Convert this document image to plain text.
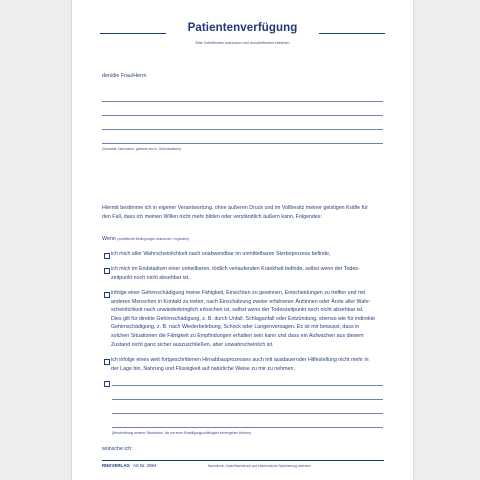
Patientenverfügung
Bitte Zutreffendes ankreuzen und Unzutreffendes streichen
den/die Frau/Herrn
(Vorname, Nachname, geboren am in, Geburtsdatum)
Hiermit bestimme ich in eigener Verantwortung, ohne äußeren Druck und im Vollbesitz meiner geistigen Kräfte für
den Fall, dass ich meinen Willen nicht mehr bilden oder verständlich äußern kann, Folgendes:
Wenn (zutreffende Bedingungen ankreuzen / ergänzen)
ich mich aller Wahrscheinlichkeit nach unabwendbar im unmittelbaren Sterbeprozess befinde,
ich mich im Endstadium einer unheilbaren, tödlich verlaufenden Krankheit befinde, selbst wenn der Todes-
zeitpunkt noch nicht absehbar ist.
infolge einer Gehirnschädigung meine Fähigkeit, Einsichten zu gewinnen, Entscheidungen zu treffen und mit
anderen Menschen in Kontakt zu treten, nach Einschätzung zweier erfahrener Ärztinnen oder Ärzte aller Wahr-
scheinlichkeit nach unwiederbringlich erloschen ist, selbst wenn der Todeszeitpunkt noch nicht absehbar ist.
Dies gilt für direkte Gehirnschädigung, z. B. durch Unfall, Schlaganfall oder Entzündung, ebenso wie für indirekte
Gehirnschädigung, z. B. nach Wiederbelebung, Schock oder Lungenversagen. Es ist mir bewusst, dass in
solchen Situationen die Fähigkeit zu Empfindungen erhalten sein kann und dass ein Aufwachen aus diesem
Zustand nicht ganz sicher auszuschließen, aber unwahrscheinlich ist.
ich infolge eines weit fortgeschrittenen Hirnabbauprozesses auch mit ausdauernder Hilfestellung nicht mehr in
der Lage bin, Nahrung und Flüssigkeit auf natürliche Weise zu mir zu nehmen,
(Beschreibung anderer Situationen, die mir einer Einwilligungsunfähigkeit einhergehen können)
wünsche ich:
RNKVERLAG Art.Nr. 2894	Nachdruck, Kopie/Nachdruck und elektronische Speicherung verboten
